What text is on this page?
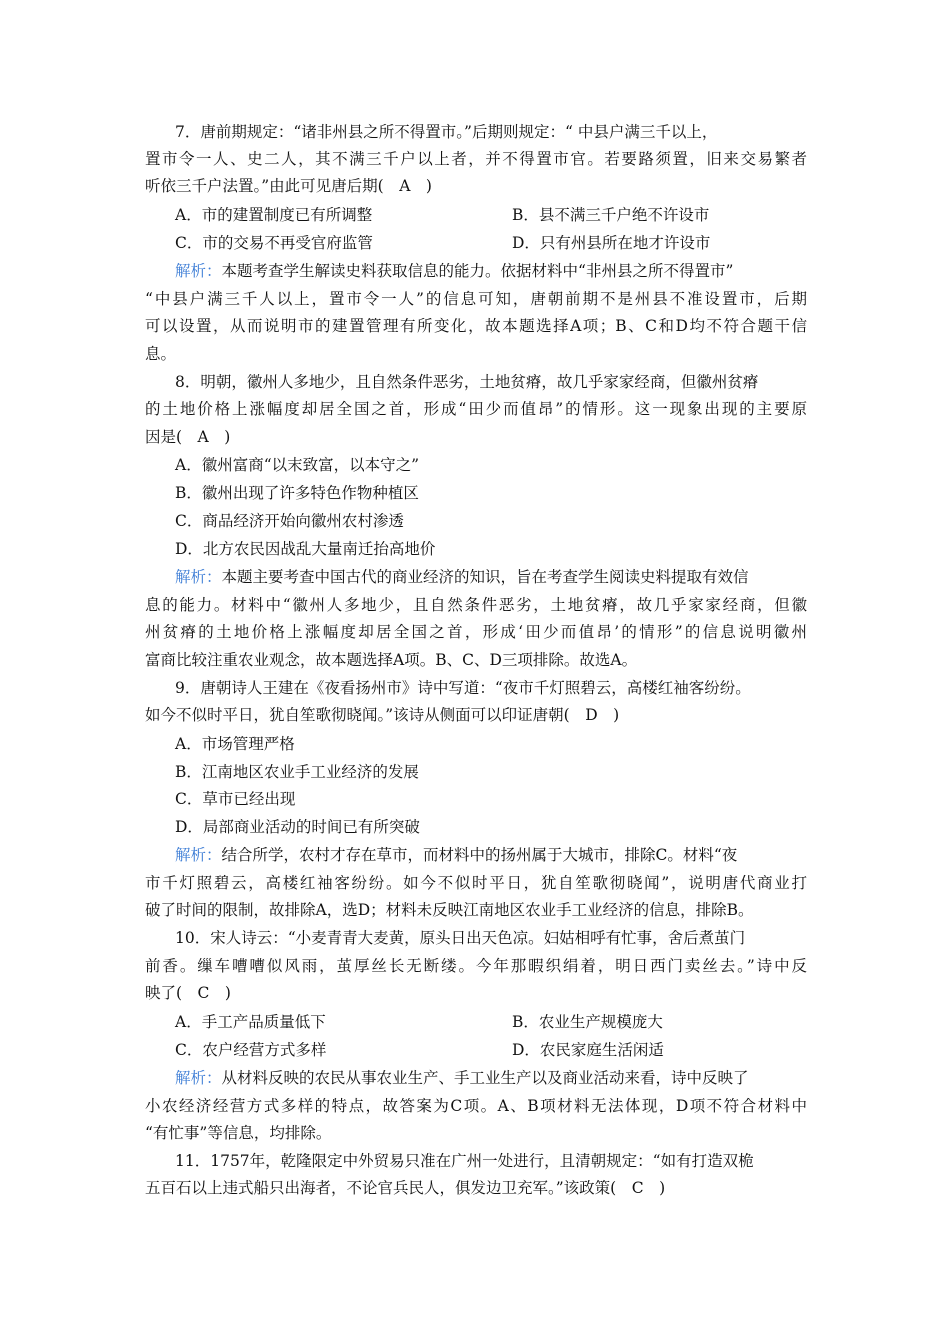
7．唐前期规定：“诸非州县之所不得置市。”后期则规定：“ 中县户满三千以上，
置市令一人、史二人，其不满三千户以上者，并不得置市官。若要路须置，旧来交易繁者
听依三千户法置。”由此可见唐后期(　A　)
A．市的建置制度已有所调整	B．县不满三千户绝不许设市
C．市的交易不再受官府监管	D．只有州县所在地才许设市
解析：本题考查学生解读史料获取信息的能力。依据材料中“非州县之所不得置市”
“中县户满三千人以上，置市令一人”的信息可知，唐朝前期不是州县不准设置市，后期
可以设置，从而说明市的建置管理有所变化，故本题选择A项；B、C和D均不符合题干信
息。
8．明朝，徽州人多地少，且自然条件恶劣，土地贫瘠，故几乎家家经商，但徽州贫瘠
的土地价格上涨幅度却居全国之首，形成“田少而值昂”的情形。这一现象出现的主要原
因是(　A　)
A．徽州富商“以末致富，以本守之”
B．徽州出现了许多特色作物种植区
C．商品经济开始向徽州农村渗透
D．北方农民因战乱大量南迁抬高地价
解析：本题主要考查中国古代的商业经济的知识，旨在考查学生阅读史料提取有效信
息的能力。材料中“徽州人多地少，且自然条件恶劣，土地贫瘠，故几乎家家经商，但徽
州贫瘠的土地价格上涨幅度却居全国之首，形成‘田少而值昂’的情形”的信息说明徽州
富商比较注重农业观念，故本题选择A项。B、C、D三项排除。故选A。
9．唐朝诗人王建在《夜看扬州市》诗中写道：“夜市千灯照碧云，高楼红袖客纷纷。
如今不似时平日，犹自笙歌彻晓闻。”该诗从侧面可以印证唐朝(　D　)
A．市场管理严格
B．江南地区农业手工业经济的发展
C．草市已经出现
D．局部商业活动的时间已有所突破
解析：结合所学，农村才存在草市，而材料中的扬州属于大城市，排除C。材料“夜
市千灯照碧云，高楼红袖客纷纷。如今不似时平日，犹自笙歌彻晓闻”，说明唐代商业打
破了时间的限制，故排除A，选D；材料未反映江南地区农业手工业经济的信息，排除B。
10．宋人诗云：“小麦青青大麦黄，原头日出天色凉。妇姑相呼有忙事，舍后煮茧门
前香。缫车嘈嘈似风雨，茧厚丝长无断缕。今年那暇织绢着，明日西门卖丝去。”诗中反
映了(　C　)
A．手工产品质量低下	B．农业生产规模庞大
C．农户经营方式多样	D．农民家庭生活闲适
解析：从材料反映的农民从事农业生产、手工业生产以及商业活动来看，诗中反映了
小农经济经营方式多样的特点，故答案为C项。A、B项材料无法体现，D项不符合材料中
“有忙事”等信息，均排除。
11．1757年，乾隆限定中外贸易只准在广州一处进行，且清朝规定：“如有打造双桅
五百石以上违式船只出海者，不论官兵民人，俱发边卫充军。”该政策(　C　)
